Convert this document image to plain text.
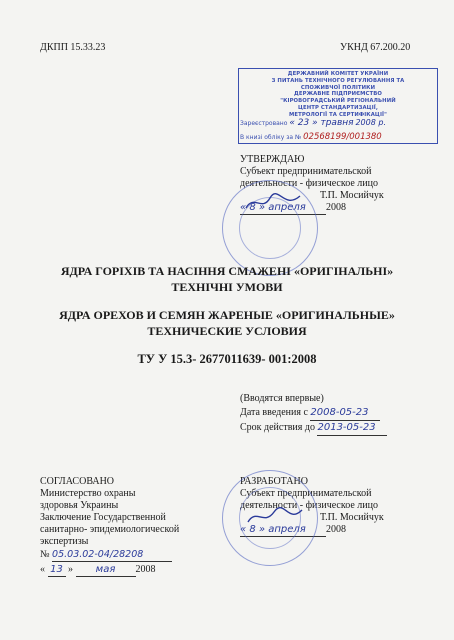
ДКПП 15.33.23	УКНД 67.200.20
ДЕРЖАВНИЙ КОМІТЕТ УКРАЇНИ
З ПИТАНЬ ТЕХНІЧНОГО РЕГУЛЮВАННЯ ТА
СПОЖИВЧОЇ ПОЛІТИКИ
ДЕРЖАВНЕ ПІДПРИЄМСТВО
"КІРОВОГРАДСЬКИЙ РЕГІОНАЛЬНИЙ
ЦЕНТР СТАНДАРТИЗАЦІЇ,
МЕТРОЛОГІЇ ТА СЕРТИФІКАЦІЇ"
Зареєстровано « 23 » травня 2008 р.
В книзі обліку за № 02568199/001380
УТВЕРЖДАЮ
Субъект предпринимательской
деятельности - физическое лицо
Т.П. Мосийчук
« 8 » апреля 2008
ЯДРА ГОРІХІВ ТА НАСІННЯ СМАЖЕНІ «ОРИГІНАЛЬНІ»
ТЕХНІЧНІ УМОВИ
ЯДРА ОРЕХОВ И СЕМЯН ЖАРЕНЫЕ «ОРИГИНАЛЬНЫЕ»
ТЕХНИЧЕСКИЕ УСЛОВИЯ
ТУ У 15.3- 2677011639- 001:2008
(Вводятся впервые)
Дата введения с 2008-05-23
Срок действия до 2013-05-23
СОГЛАСОВАНО
Министерство охраны
здоровья Украины
Заключение Государственной
санитарно- эпидемиологической
экспертизы
№ 05.03.02-04/28208
« 13 » мая 2008
РАЗРАБОТАНО
Субъект предпринимательской
деятельности - физическое лицо
Т.П. Мосийчук
« 8 » апреля 2008
